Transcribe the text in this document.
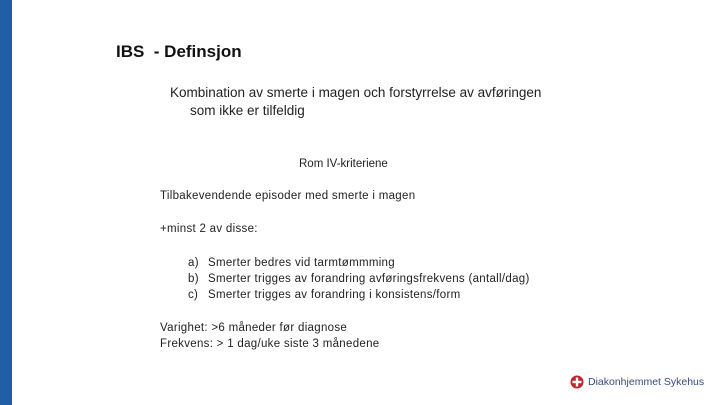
IBS  - Definsjon
Kombination av smerte i magen och forstyrrelse av avføringen
som ikke er tilfeldig
Rom IV-kriteriene
Tilbakevendende episoder med smerte i magen
+minst 2 av disse:
a) Smerter bedres vid tarmtømmming
b) Smerter trigges av forandring avføringsfrekvens (antall/dag)
c) Smerter trigges av forandring i konsistens/form
Varighet: >6 måneder før diagnose
Frekvens: > 1 dag/uke siste 3 månedene
Diakonhjemmet Sykehus
